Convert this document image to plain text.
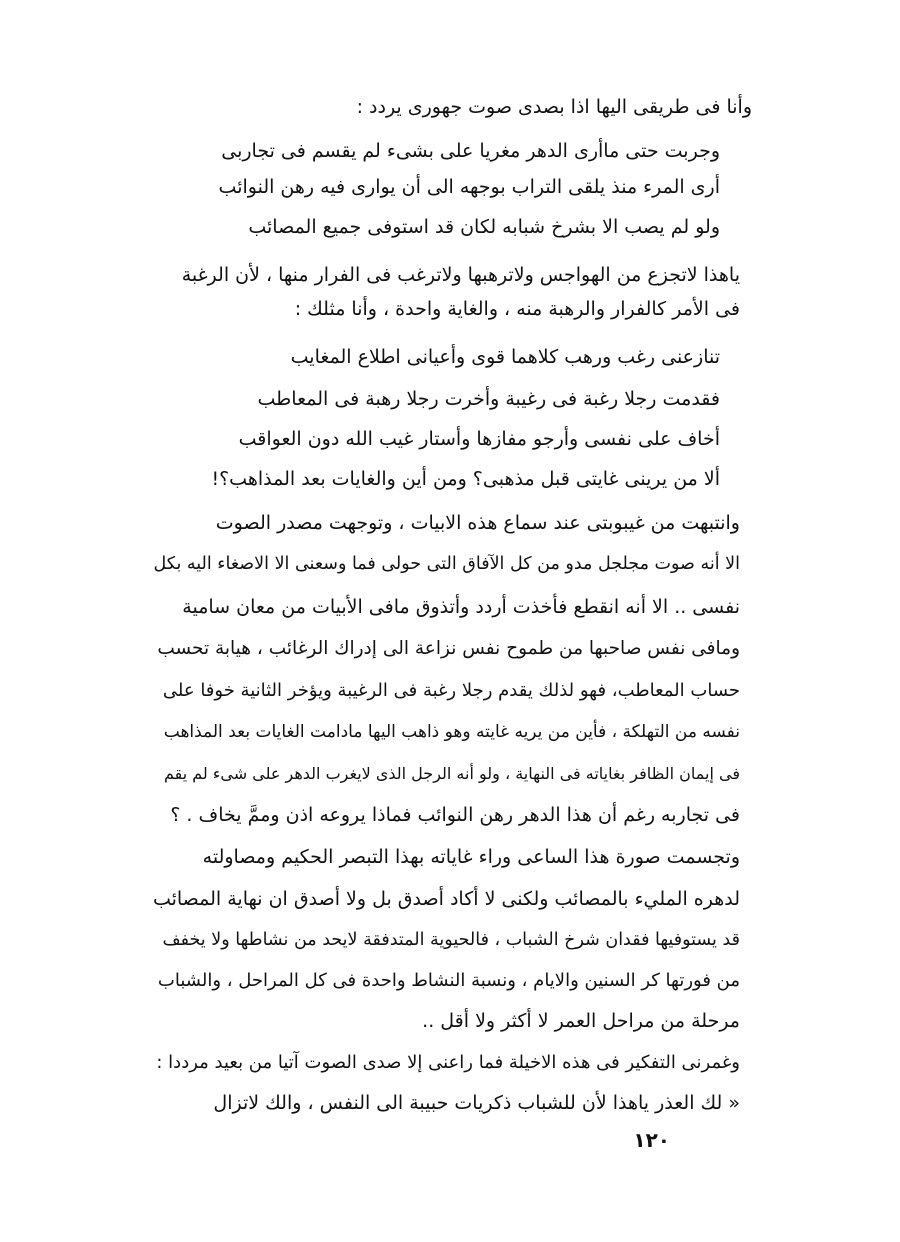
وأنا فى طريقى اليها اذا بصدى صوت جهورى يردد :
وجربت حتى ماأرى الدهر مغريا على بشىء لم يقسم فى تجاربى
أرى المرء منذ يلقى التراب بوجهه الى أن يوارى فيه رهن النوائب
ولو لم يصب الا بشرخ شبابه لكان قد استوفى جميع المصائب
ياهذا لاتجزع من الهواجس ولاترهبها ولاترغب فى الفرار منها ، لأن الرغبة
فى الأمر كالفرار والرهبة منه ، والغاية واحدة ، وأنا مثلك :
تنازعنى رغب ورهب كلاهما قوى وأعيانى اطلاع المغايب
فقدمت رجلا رغبة فى رغيبة وأخرت رجلا رهبة فى المعاطب
أخاف على نفسى وأرجو مفازها وأستار غيب الله دون العواقب
ألا من يرينى غايتى قبل مذهبى؟ ومن أين والغايات بعد المذاهب؟!
وانتبهت من غيبوبتى عند سماع هذه الابيات ، وتوجهت مصدر الصوت
الا أنه صوت مجلجل مدو من كل الآفاق التى حولى فما وسعنى الا الاصغاء اليه بكل
نفسى .. الا أنه انقطع فأخذت أردد وأتذوق مافى الأبيات من معان سامية
ومافى نفس صاحبها من طموح نفس نزاعة الى إدراك الرغائب ، هيابة تحسب
حساب المعاطب، فهو لذلك يقدم رجلا رغبة فى الرغيبة ويؤخر الثانية خوفا على
نفسه من التهلكة ، فأين من يريه غايته وهو ذاهب اليها مادامت الغايات بعد المذاهب
فى إيمان الظافر بغاياته فى النهاية ، ولو أنه الرجل الذى لايغرب الدهر على شىء لم يقم
فى تجاربه رغم أن هذا الدهر رهن النوائب فماذا يروعه اذن وممَّ يخاف . ؟
وتجسمت صورة هذا الساعى وراء غاياته بهذا التبصر الحكيم ومصاولته
لدهره المليء بالمصائب ولكنى لا أكاد أصدق بل ولا أصدق ان نهاية المصائب
قد يستوفيها فقدان شرخ الشباب ، فالحيوية المتدفقة لايحد من نشاطها ولا يخفف
من فورتها كر السنين والايام ، ونسبة النشاط واحدة فى كل المراحل ، والشباب
مرحلة من مراحل العمر لا أكثر ولا أقل ..
وغمرنى التفكير فى هذه الاخيلة فما راعنى إلا صدى الصوت آتيا من بعيد مرددا :
« لك العذر ياهذا لأن للشباب ذكريات حبيبة الى النفس ، والك لاتزال
١٢٠
